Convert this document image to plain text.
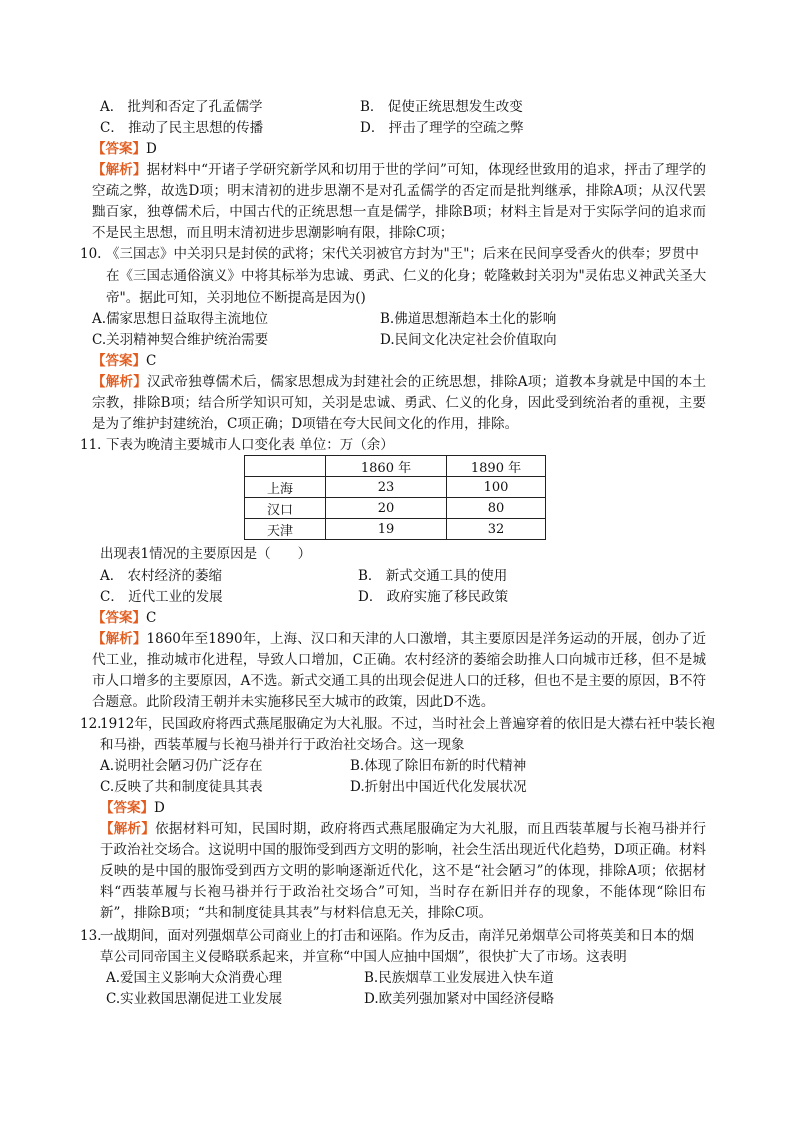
A． 批判和否定了孔孟儒学	B． 促使正统思想发生改变
C． 推动了民主思想的传播	D． 抨击了理学的空疏之弊
【答案】D
【解析】据材料中“开诸子学研究新学风和切用于世的学问”可知，体现经世致用的追求，抨击了理学的空疏之弊，故选D项；明末清初的进步思潮不是对孔孟儒学的否定而是批判继承，排除A项；从汉代罢黜百家，独尊儒术后，中国古代的正统思想一直是儒学，排除B项；材料主旨是对于实际学问的追求而不是民主思想，而且明末清初进步思潮影响有限，排除C项；
10. 《三国志》中关羽只是封侯的武将；宋代关羽被官方封为"王"；后来在民间享受香火的供奉；罗贯中
在《三国志通俗演义》中将其标举为忠诚、勇武、仁义的化身；乾隆敕封关羽为"灵佑忠义神武关圣大
帝"。据此可知，关羽地位不断提高是因为()
A.儒家思想日益取得主流地位	B.佛道思想渐趋本土化的影响
C.关羽精神契合维护统治需要	D.民间文化决定社会价值取向
【答案】C
【解析】汉武帝独尊儒术后，儒家思想成为封建社会的正统思想，排除A项；道教本身就是中国的本土宗教，排除B项；结合所学知识可知，关羽是忠诚、勇武、仁义的化身，因此受到统治者的重视，主要是为了维护封建统治，C项正确；D项错在夸大民间文化的作用，排除。
11．
下表为晚清主要城市人口变化表 单位：万（余）
	1860 年	1890 年
上海	23	100
汉口	20	80
天津	19	32
出现表1情况的主要原因是（　　）
A． 农村经济的萎缩	B． 新式交通工具的使用
C． 近代工业的发展	D． 政府实施了移民政策
【答案】C
【解析】1860年至1890年，上海、汉口和天津的人口激增，其主要原因是洋务运动的开展，创办了近代工业，推动城市化进程，导致人口增加，C正确。农村经济的萎缩会助推人口向城市迁移，但不是城市人口增多的主要原因，A不选。新式交通工具的出现会促进人口的迁移，但也不是主要的原因，B不符合题意。此阶段清王朝并未实施移民至大城市的政策，因此D不选。
12.
1912年，民国政府将西式燕尾服确定为大礼服。不过，当时社会上普遍穿着的依旧是大襟右衽中装长袍
和马褂，西装革履与长袍马褂并行于政治社交场合。这一现象
A.说明社会陋习仍广泛存在	B.体现了除旧布新的时代精神
C.反映了共和制度徒具其表	D.折射出中国近代化发展状况
【答案】D
【解析】依据材料可知，民国时期，政府将西式燕尾服确定为大礼服，而且西装革履与长袍马褂并行于政治社交场合。这说明中国的服饰受到西方文明的影响，社会生活出现近代化趋势，D项正确。材料反映的是中国的服饰受到西方文明的影响逐渐近代化，这不是“社会陋习”的体现，排除A项；依据材料“西装革履与长袍马褂并行于政治社交场合”可知，当时存在新旧并存的现象，不能体现“除旧布新”，排除B项；“共和制度徒具其表”与材料信息无关，排除C项。
13.
一战期间，面对列强烟草公司商业上的打击和诬陷。作为反击，南洋兄弟烟草公司将英美和日本的烟
草公司同帝国主义侵略联系起来，并宣称“中国人应抽中国烟”，很快扩大了市场。这表明
A.爱国主义影响大众消费心理	B.民族烟草工业发展进入快车道
C.实业救国思潮促进工业发展	D.欧美列强加紧对中国经济侵略
